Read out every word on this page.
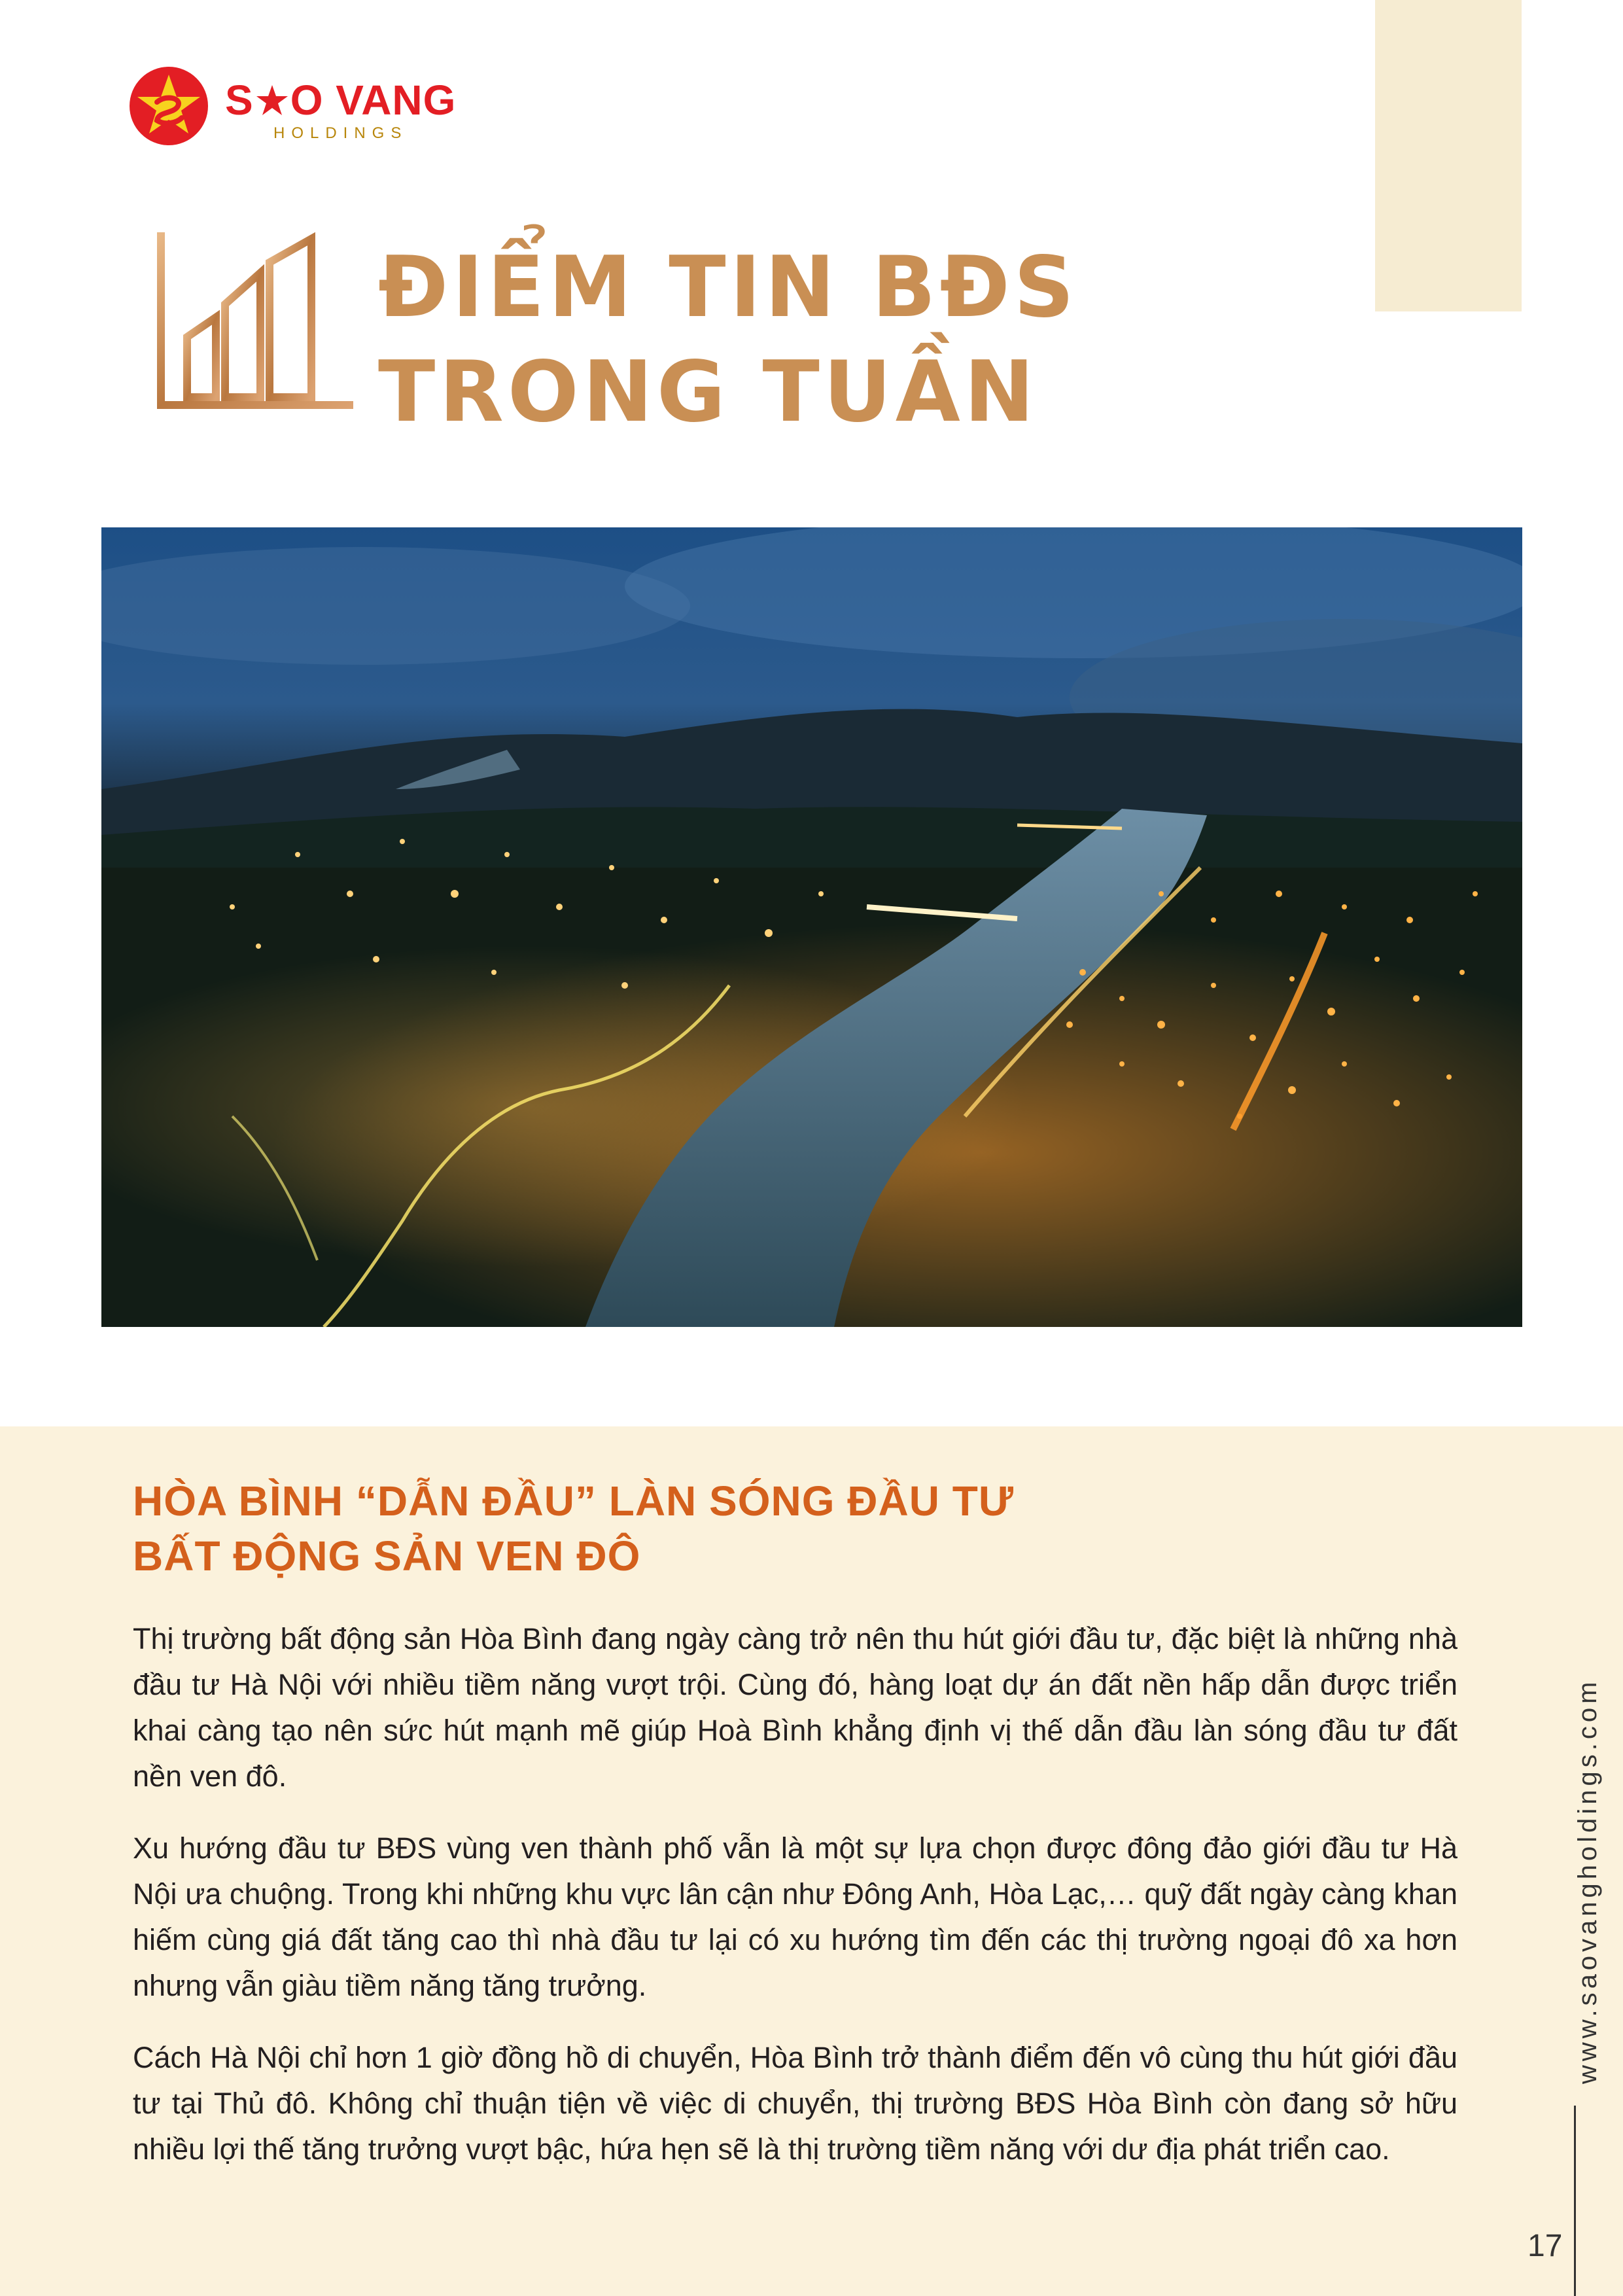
S O VANG
HOLDINGS
ĐIỂM TIN BĐS
TRONG TUẦN
HÒA BÌNH “DẪN ĐẦU” LÀN SÓNG ĐẦU TƯ
BẤT ĐỘNG SẢN VEN ĐÔ

Thị trường bất động sản Hòa Bình đang ngày càng trở nên thu hút giới đầu tư, đặc biệt là những nhà đầu tư Hà Nội với nhiều tiềm năng vượt trội. Cùng đó, hàng loạt dự án đất nền hấp dẫn được triển khai càng tạo nên sức hút mạnh mẽ giúp Hoà Bình khẳng định vị thế dẫn đầu làn sóng đầu tư đất nền ven đô.

Xu hướng đầu tư BĐS vùng ven thành phố vẫn là một sự lựa chọn được đông đảo giới đầu tư Hà Nội ưa chuộng. Trong khi những khu vực lân cận như Đông Anh, Hòa Lạc,… quỹ đất ngày càng khan hiếm cùng giá đất tăng cao thì nhà đầu tư lại có xu hướng tìm đến các thị trường ngoại đô xa hơn nhưng vẫn giàu tiềm năng tăng trưởng.

Cách Hà Nội chỉ hơn 1 giờ đồng hồ di chuyển, Hòa Bình trở thành điểm đến vô cùng thu hút giới đầu tư tại Thủ đô. Không chỉ thuận tiện về việc di chuyển, thị trường BĐS Hòa Bình còn đang sở hữu nhiều lợi thế tăng trưởng vượt bậc, hứa hẹn sẽ là thị trường tiềm năng với dư địa phát triển cao.

www.saovangholdings.com
17
